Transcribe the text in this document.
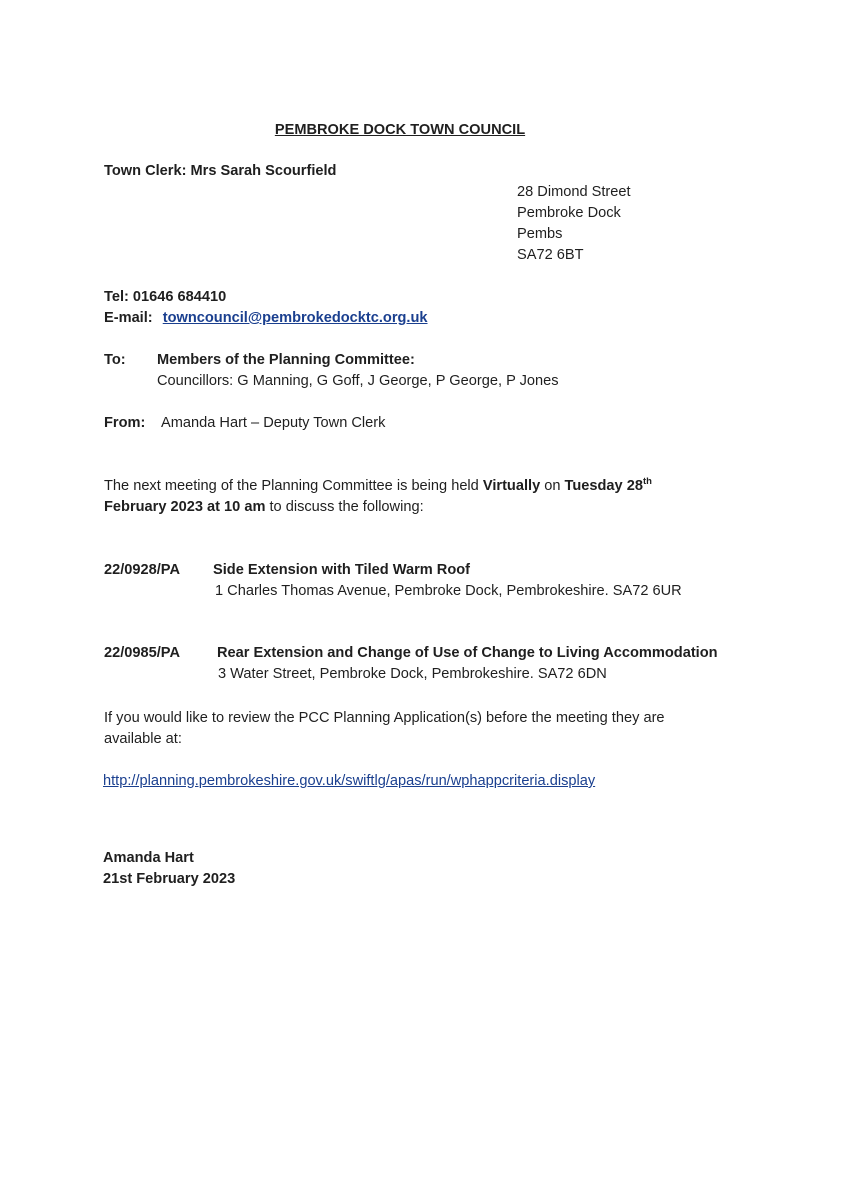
PEMBROKE DOCK TOWN COUNCIL
Town Clerk: Mrs Sarah Scourfield
28 Dimond Street
Pembroke Dock
Pembs
SA72 6BT
Tel: 01646 684410
E-mail: towncouncil@pembrokedocktc.org.uk
To: Members of the Planning Committee:
Councillors: G Manning, G Goff, J George, P George, P Jones
From: Amanda Hart – Deputy Town Clerk
The next meeting of the Planning Committee is being held Virtually on Tuesday 28th
February 2023 at 10 am to discuss the following:
22/0928/PA Side Extension with Tiled Warm Roof
1 Charles Thomas Avenue, Pembroke Dock, Pembrokeshire. SA72 6UR
22/0985/PA	Rear Extension and Change of Use of Change to Living Accommodation
3 Water Street, Pembroke Dock, Pembrokeshire. SA72 6DN
If you would like to review the PCC Planning Application(s) before the meeting they are
available at:
http://planning.pembrokeshire.gov.uk/swiftlg/apas/run/wphappcriteria.display
Amanda Hart
21st February 2023
